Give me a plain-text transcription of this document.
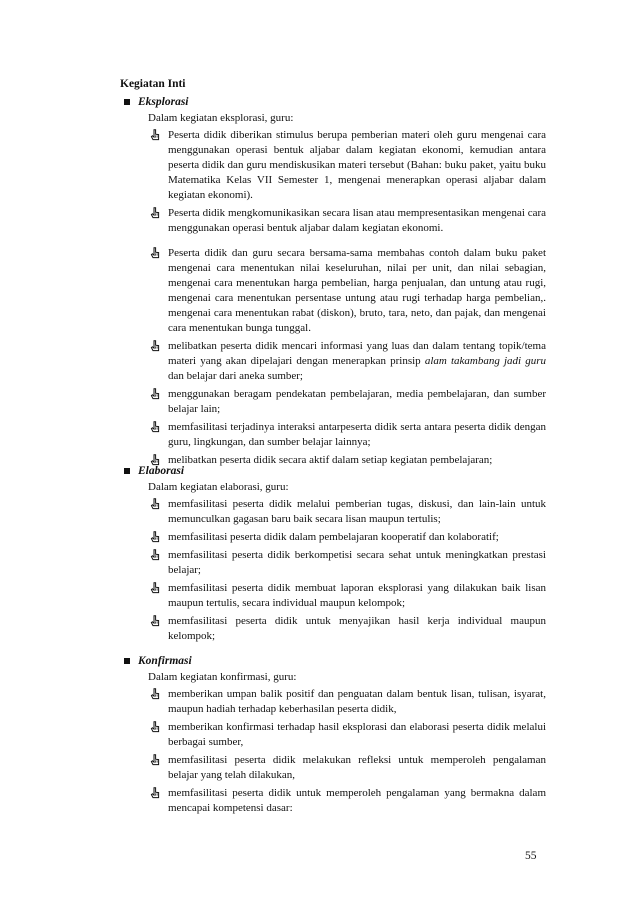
Kegiatan Inti
Eksplorasi
Dalam kegiatan eksplorasi, guru:
Peserta didik diberikan stimulus berupa pemberian materi oleh guru mengenai cara menggunakan operasi bentuk aljabar dalam kegiatan ekonomi, kemudian antara peserta didik dan guru mendiskusikan materi tersebut (Bahan: buku paket, yaitu buku Matematika Kelas VII Semester 1, mengenai menerapkan operasi aljabar dalam kegiatan ekonomi).
Peserta didik mengkomunikasikan secara lisan atau mempresentasikan mengenai cara menggunakan operasi bentuk aljabar dalam kegiatan ekonomi.
Peserta didik dan guru secara bersama-sama membahas contoh dalam buku paket mengenai cara menentukan nilai keseluruhan, nilai per unit, dan nilai sebagian, mengenai cara menentukan harga pembelian, harga penjualan, dan untung atau rugi, mengenai cara menentukan persentase untung atau rugi terhadap harga pembelian,. mengenai cara menentukan rabat (diskon), bruto, tara, neto, dan pajak, dan mengenai cara menentukan bunga tunggal.
melibatkan peserta didik mencari informasi yang luas dan dalam tentang topik/tema materi yang akan dipelajari dengan menerapkan prinsip alam takambang jadi guru dan belajar dari aneka sumber;
menggunakan beragam pendekatan pembelajaran, media pembelajaran, dan sumber belajar lain;
memfasilitasi terjadinya interaksi antarpeserta didik serta antara peserta didik dengan guru, lingkungan, dan sumber belajar lainnya;
melibatkan peserta didik secara aktif dalam setiap kegiatan pembelajaran;
Elaborasi
Dalam kegiatan elaborasi, guru:
memfasilitasi peserta didik melalui pemberian tugas, diskusi, dan lain-lain untuk memunculkan gagasan baru baik secara lisan maupun tertulis;
memfasilitasi peserta didik dalam pembelajaran kooperatif dan kolaboratif;
memfasilitasi peserta didik berkompetisi secara sehat untuk meningkatkan prestasi belajar;
memfasilitasi peserta didik membuat laporan eksplorasi yang dilakukan baik lisan maupun tertulis, secara individual maupun kelompok;
memfasilitasi peserta didik untuk menyajikan hasil kerja individual maupun kelompok;
Konfirmasi
Dalam kegiatan konfirmasi, guru:
memberikan umpan balik positif dan penguatan dalam bentuk lisan, tulisan, isyarat, maupun hadiah terhadap keberhasilan peserta didik,
memberikan konfirmasi terhadap hasil eksplorasi dan elaborasi peserta didik melalui berbagai sumber,
memfasilitasi peserta didik melakukan refleksi untuk memperoleh pengalaman belajar yang telah dilakukan,
memfasilitasi peserta didik untuk memperoleh pengalaman yang bermakna dalam mencapai kompetensi dasar:
55
